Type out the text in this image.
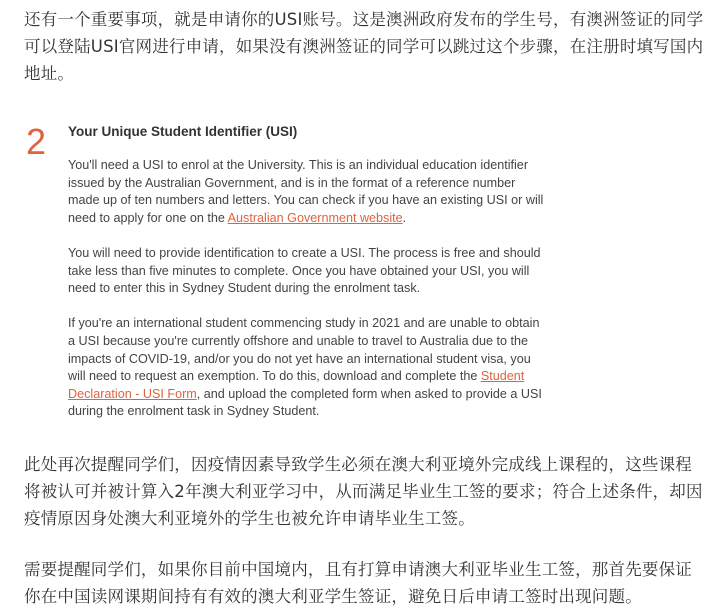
还有一个重要事项，就是申请你的USI账号。这是澳洲政府发布的学生号，有澳洲签证的同学可以登陆USI官网进行申请，如果没有澳洲签证的同学可以跳过这个步骤，在注册时填写国内地址。

2 Your Unique Student Identifier (USI)

You'll need a USI to enrol at the University. This is an individual education identifier issued by the Australian Government, and is in the format of a reference number made up of ten numbers and letters. You can check if you have an existing USI or will need to apply for one on the Australian Government website.

You will need to provide identification to create a USI. The process is free and should take less than five minutes to complete. Once you have obtained your USI, you will need to enter this in Sydney Student during the enrolment task.

If you're an international student commencing study in 2021 and are unable to obtain a USI because you're currently offshore and unable to travel to Australia due to the impacts of COVID-19, and/or you do not yet have an international student visa, you will need to request an exemption. To do this, download and complete the Student Declaration - USI Form, and upload the completed form when asked to provide a USI during the enrolment task in Sydney Student.

此处再次提醒同学们，因疫情因素导致学生必须在澳大利亚境外完成线上课程的，这些课程将被认可并被计算入2年澳大利亚学习中，从而满足毕业生工签的要求；符合上述条件，却因疫情原因身处澳大利亚境外的学生也被允许申请毕业生工签。

需要提醒同学们，如果你目前中国境内，且有打算申请澳大利亚毕业生工签，那首先要保证你在中国读网课期间持有有效的澳大利亚学生签证，避免日后申请工签时出现问题。
